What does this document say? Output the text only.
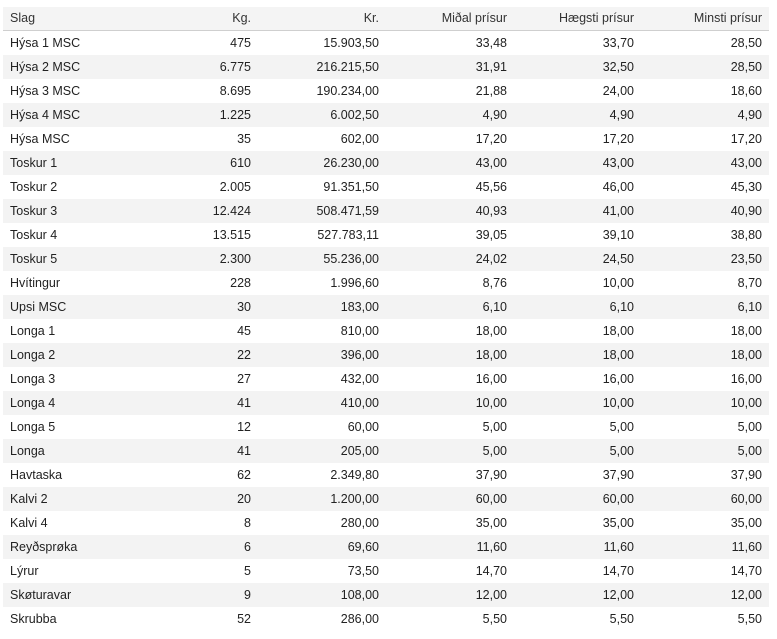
Slag	Kg.	Kr.	Miðal prísur	Hægsti prísur	Minsti prísur
Hýsa 1 MSC	475	15.903,50	33,48	33,70	28,50
Hýsa 2 MSC	6.775	216.215,50	31,91	32,50	28,50
Hýsa 3 MSC	8.695	190.234,00	21,88	24,00	18,60
Hýsa 4 MSC	1.225	6.002,50	4,90	4,90	4,90
Hýsa MSC	35	602,00	17,20	17,20	17,20
Toskur 1	610	26.230,00	43,00	43,00	43,00
Toskur 2	2.005	91.351,50	45,56	46,00	45,30
Toskur 3	12.424	508.471,59	40,93	41,00	40,90
Toskur 4	13.515	527.783,11	39,05	39,10	38,80
Toskur 5	2.300	55.236,00	24,02	24,50	23,50
Hvítingur	228	1.996,60	8,76	10,00	8,70
Upsi MSC	30	183,00	6,10	6,10	6,10
Longa 1	45	810,00	18,00	18,00	18,00
Longa 2	22	396,00	18,00	18,00	18,00
Longa 3	27	432,00	16,00	16,00	16,00
Longa 4	41	410,00	10,00	10,00	10,00
Longa 5	12	60,00	5,00	5,00	5,00
Longa	41	205,00	5,00	5,00	5,00
Havtaska	62	2.349,80	37,90	37,90	37,90
Kalvi 2	20	1.200,00	60,00	60,00	60,00
Kalvi 4	8	280,00	35,00	35,00	35,00
Reyðsprøka	6	69,60	11,60	11,60	11,60
Lýrur	5	73,50	14,70	14,70	14,70
Skøturavar	9	108,00	12,00	12,00	12,00
Skrubba	52	286,00	5,50	5,50	5,50
